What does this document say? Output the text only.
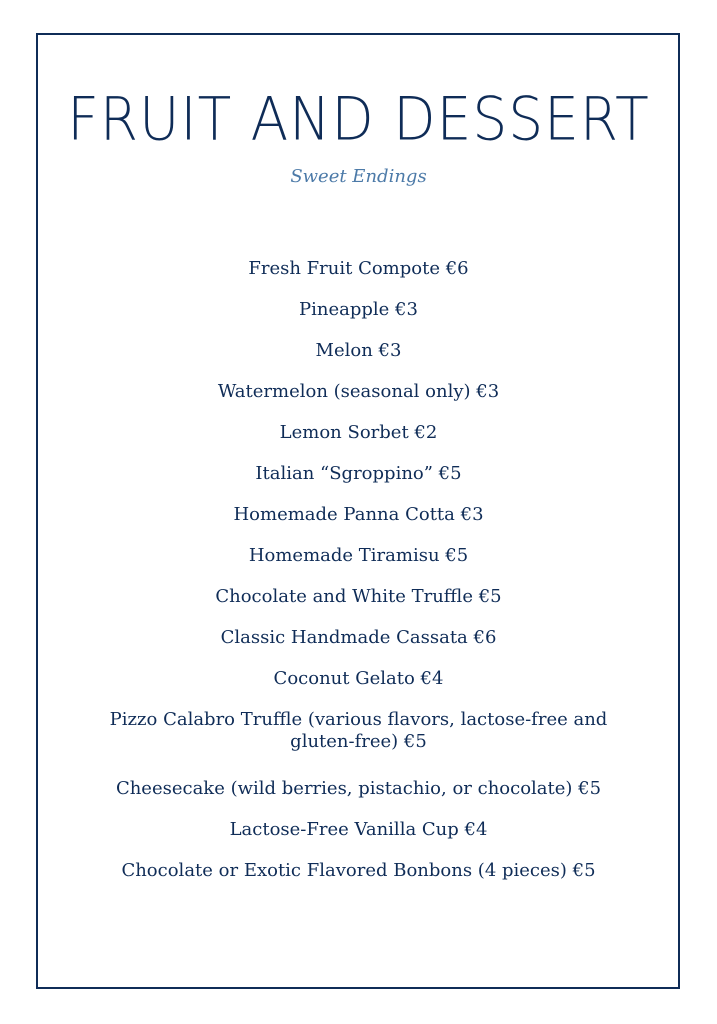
FRUIT AND DESSERT
Sweet Endings
Fresh Fruit Compote €6
Pineapple €3
Melon €3
Watermelon (seasonal only) €3
Lemon Sorbet €2
Italian “Sgroppino” €5
Homemade Panna Cotta €3
Homemade Tiramisu €5
Chocolate and White Truffle €5
Classic Handmade Cassata €6
Coconut Gelato €4
Pizzo Calabro Truffle (various flavors, lactose-free and gluten-free) €5
Cheesecake (wild berries, pistachio, or chocolate) €5
Lactose-Free Vanilla Cup €4
Chocolate or Exotic Flavored Bonbons (4 pieces) €5
